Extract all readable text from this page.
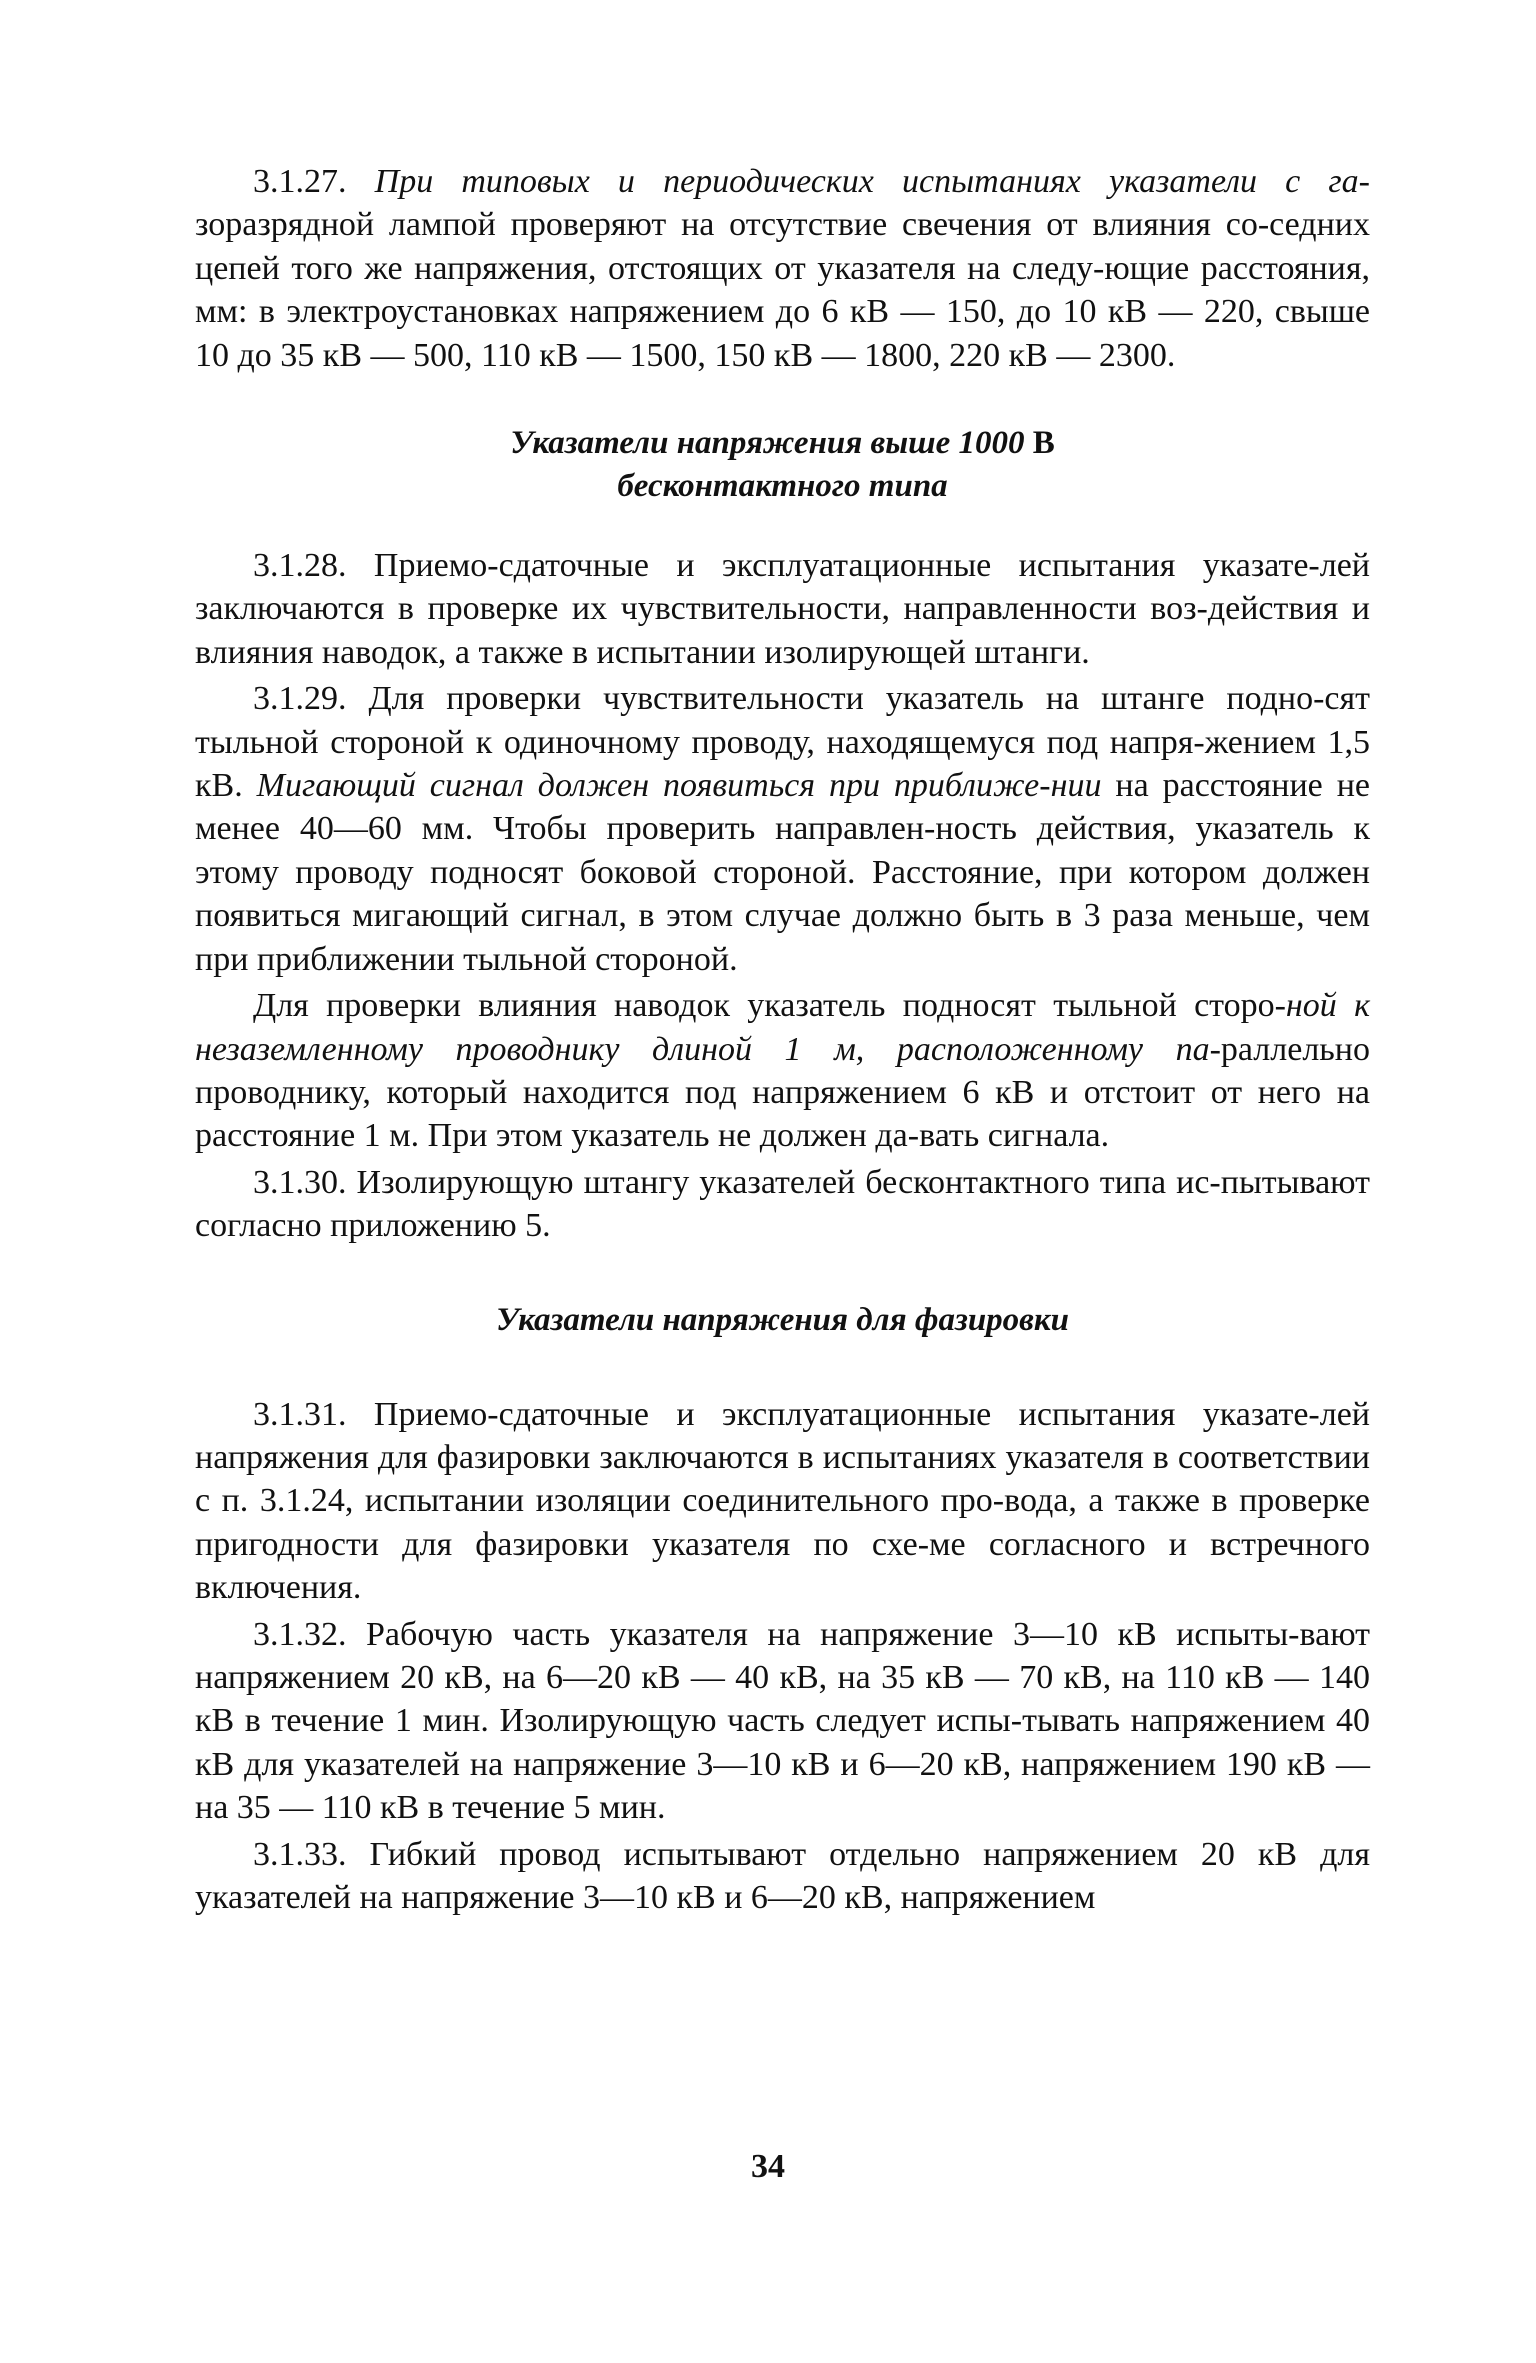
3.1.27. При типовых и периодических испытаниях указатели с га- зоразрядной лампой проверяют на отсутствие свечения от влияния со-седних цепей того же напряжения, отстоящих от указателя на следу-ющие расстояния, мм: в электроустановках напряжением до 6 кВ — 150, до 10 кВ — 220, свыше 10 до 35 кВ — 500, 110 кВ — 1500, 150 кВ — 1800, 220 кВ — 2300.

Указатели напряжения выше 1000 В
бесконтактного типа

3.1.28. Приемо-сдаточные и эксплуатационные испытания указате-лей заключаются в проверке их чувствительности, направленности воз-действия и влияния наводок, а также в испытании изолирующей штанги.

3.1.29. Для проверки чувствительности указатель на штанге подно-сят тыльной стороной к одиночному проводу, находящемуся под напря-жением 1,5 кВ. Мигающий сигнал должен появиться при приближе-нии на расстояние не менее 40—60 мм. Чтобы проверить направлен-ность действия, указатель к этому проводу подносят боковой стороной. Расстояние, при котором должен появиться мигающий сигнал, в этом случае должно быть в 3 раза меньше, чем при приближении тыльной стороной.

Для проверки влияния наводок указатель подносят тыльной сторо-ной к незаземленному проводнику длиной 1 м, расположенному па-раллельно проводнику, который находится под напряжением 6 кВ и отстоит от него на расстояние 1 м. При этом указатель не должен да-вать сигнала.

3.1.30. Изолирующую штангу указателей бесконтактного типа ис-пытывают согласно приложению 5.

Указатели напряжения для фазировки

3.1.31. Приемо-сдаточные и эксплуатационные испытания указате-лей напряжения для фазировки заключаются в испытаниях указателя в соответствии с п. 3.1.24, испытании изоляции соединительного про-вода, а также в проверке пригодности для фазировки указателя по схе-ме согласного и встречного включения.

3.1.32. Рабочую часть указателя на напряжение 3—10 кВ испыты-вают напряжением 20 кВ, на 6—20 кВ — 40 кВ, на 35 кВ — 70 кВ, на 110 кВ — 140 кВ в течение 1 мин. Изолирующую часть следует испы-тывать напряжением 40 кВ для указателей на напряжение 3—10 кВ и 6—20 кВ, напряжением 190 кВ — на 35 — 110 кВ в течение 5 мин.

3.1.33. Гибкий провод испытывают отдельно напряжением 20 кВ для указателей на напряжение 3—10 кВ и 6—20 кВ, напряжением

34
